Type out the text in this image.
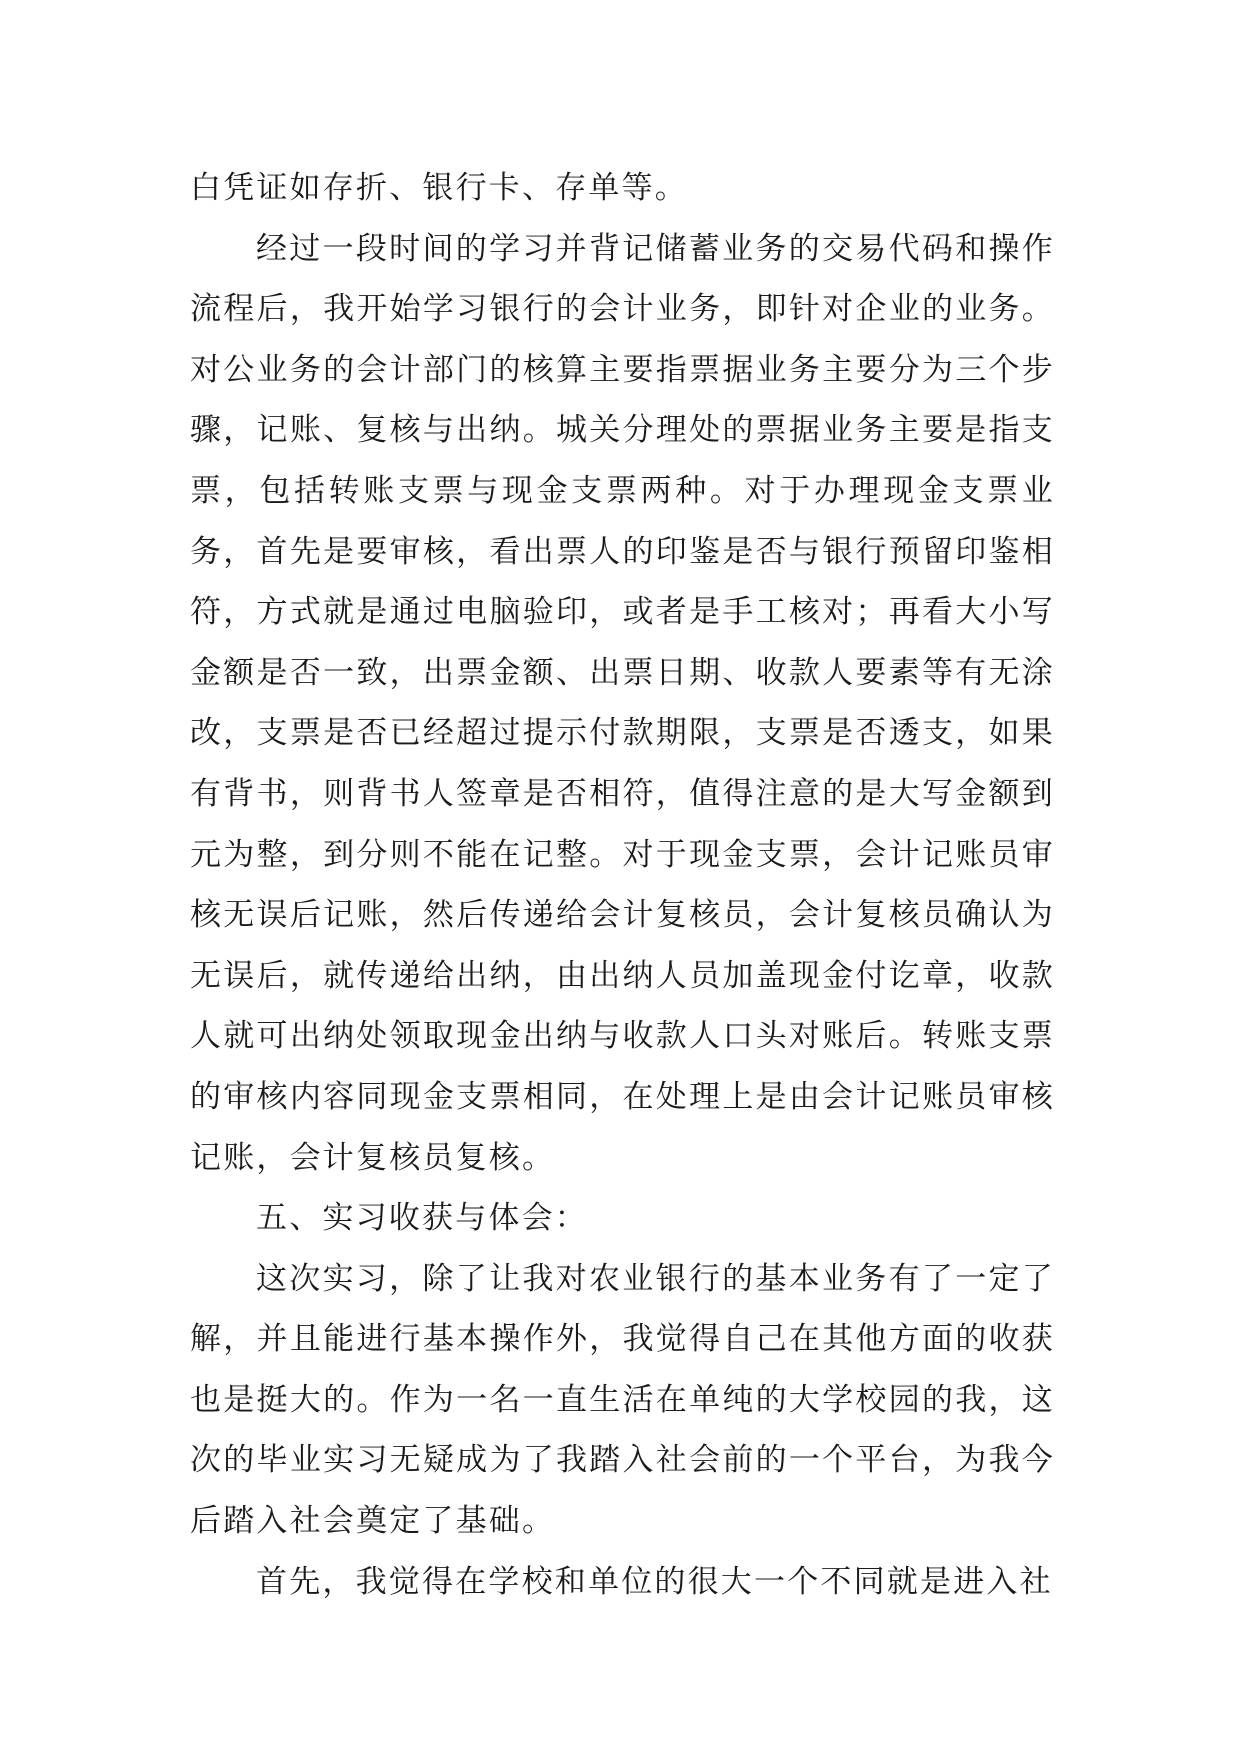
白凭证如存折、银行卡、存单等。

经过一段时间的学习并背记储蓄业务的交易代码和操作流程后，我开始学习银行的会计业务，即针对企业的业务。对公业务的会计部门的核算主要指票据业务主要分为三个步骤，记账、复核与出纳。城关分理处的票据业务主要是指支票，包括转账支票与现金支票两种。对于办理现金支票业务，首先是要审核，看出票人的印鉴是否与银行预留印鉴相符，方式就是通过电脑验印，或者是手工核对；再看大小写金额是否一致，出票金额、出票日期、收款人要素等有无涂改，支票是否已经超过提示付款期限，支票是否透支，如果有背书，则背书人签章是否相符，值得注意的是大写金额到元为整，到分则不能在记整。对于现金支票，会计记账员审核无误后记账，然后传递给会计复核员，会计复核员确认为无误后，就传递给出纳，由出纳人员加盖现金付讫章，收款人就可出纳处领取现金出纳与收款人口头对账后。转账支票的审核内容同现金支票相同，在处理上是由会计记账员审核记账，会计复核员复核。

五、实习收获与体会：

这次实习，除了让我对农业银行的基本业务有了一定了解，并且能进行基本操作外，我觉得自己在其他方面的收获也是挺大的。作为一名一直生活在单纯的大学校园的我，这次的毕业实习无疑成为了我踏入社会前的一个平台，为我今后踏入社会奠定了基础。

首先，我觉得在学校和单位的很大一个不同就是进入社
